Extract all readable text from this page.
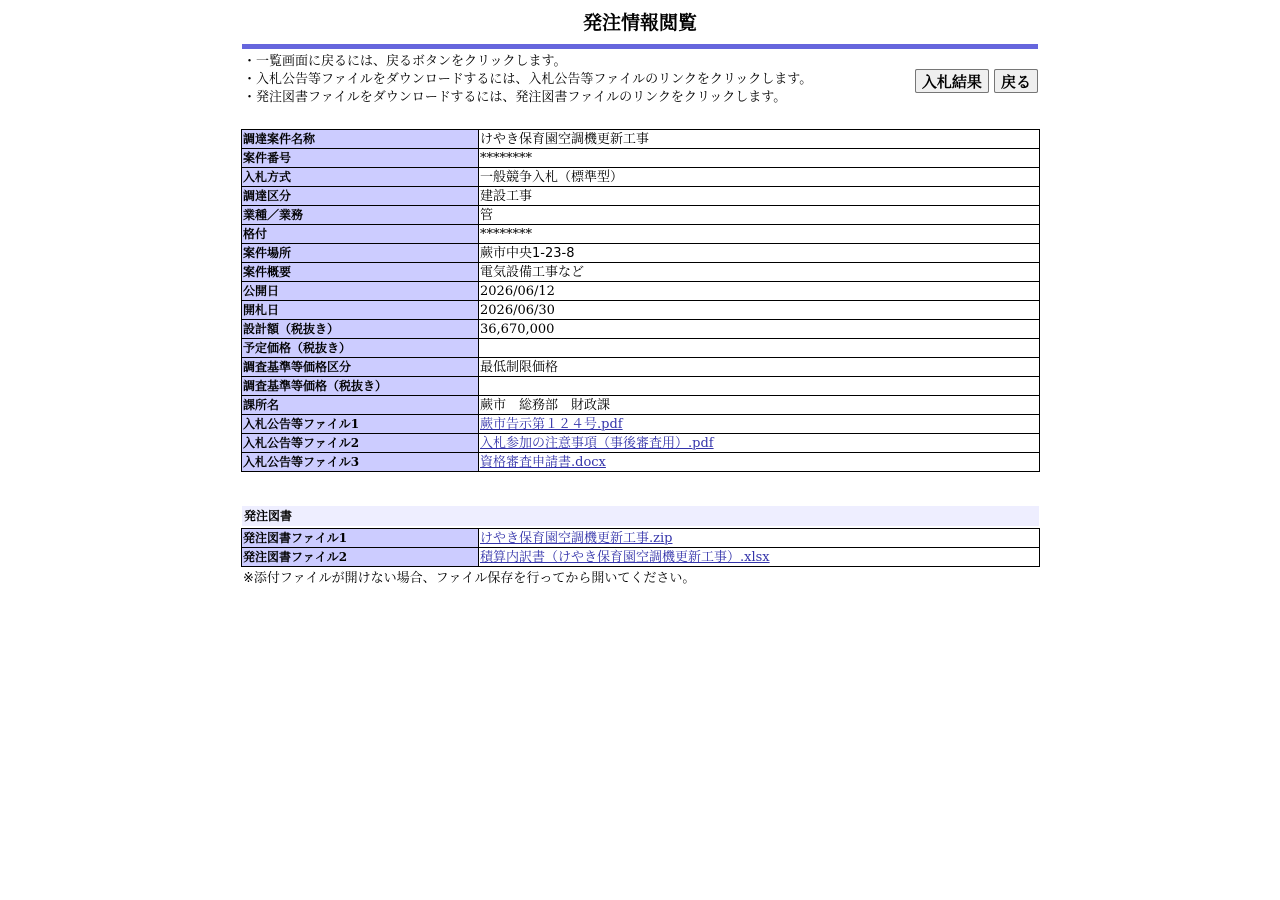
発注情報閲覧
・一覧画面に戻るには、戻るボタンをクリックします。
・入札公告等ファイルをダウンロードするには、入札公告等ファイルのリンクをクリックします。
・発注図書ファイルをダウンロードするには、発注図書ファイルのリンクをクリックします。
入札結果 戻る
調達案件名称	けやき保育園空調機更新工事
案件番号	********
入札方式	一般競争入札（標準型）
調達区分	建設工事
業種／業務	管
格付	********
案件場所	蕨市中央1-23-8
案件概要	電気設備工事など
公開日	2026/06/12
開札日	2026/06/30
設計額（税抜き）	36,670,000
予定価格（税抜き）	
調査基準等価格区分	最低制限価格
調査基準等価格（税抜き）	
課所名	蕨市　総務部　財政課
入札公告等ファイル1	蕨市告示第１２４号.pdf
入札公告等ファイル2	入札参加の注意事項（事後審査用）.pdf
入札公告等ファイル3	資格審査申請書.docx
発注図書
発注図書ファイル1	けやき保育園空調機更新工事.zip
発注図書ファイル2	積算内訳書（けやき保育園空調機更新工事）.xlsx
※添付ファイルが開けない場合、ファイル保存を行ってから開いてください。
